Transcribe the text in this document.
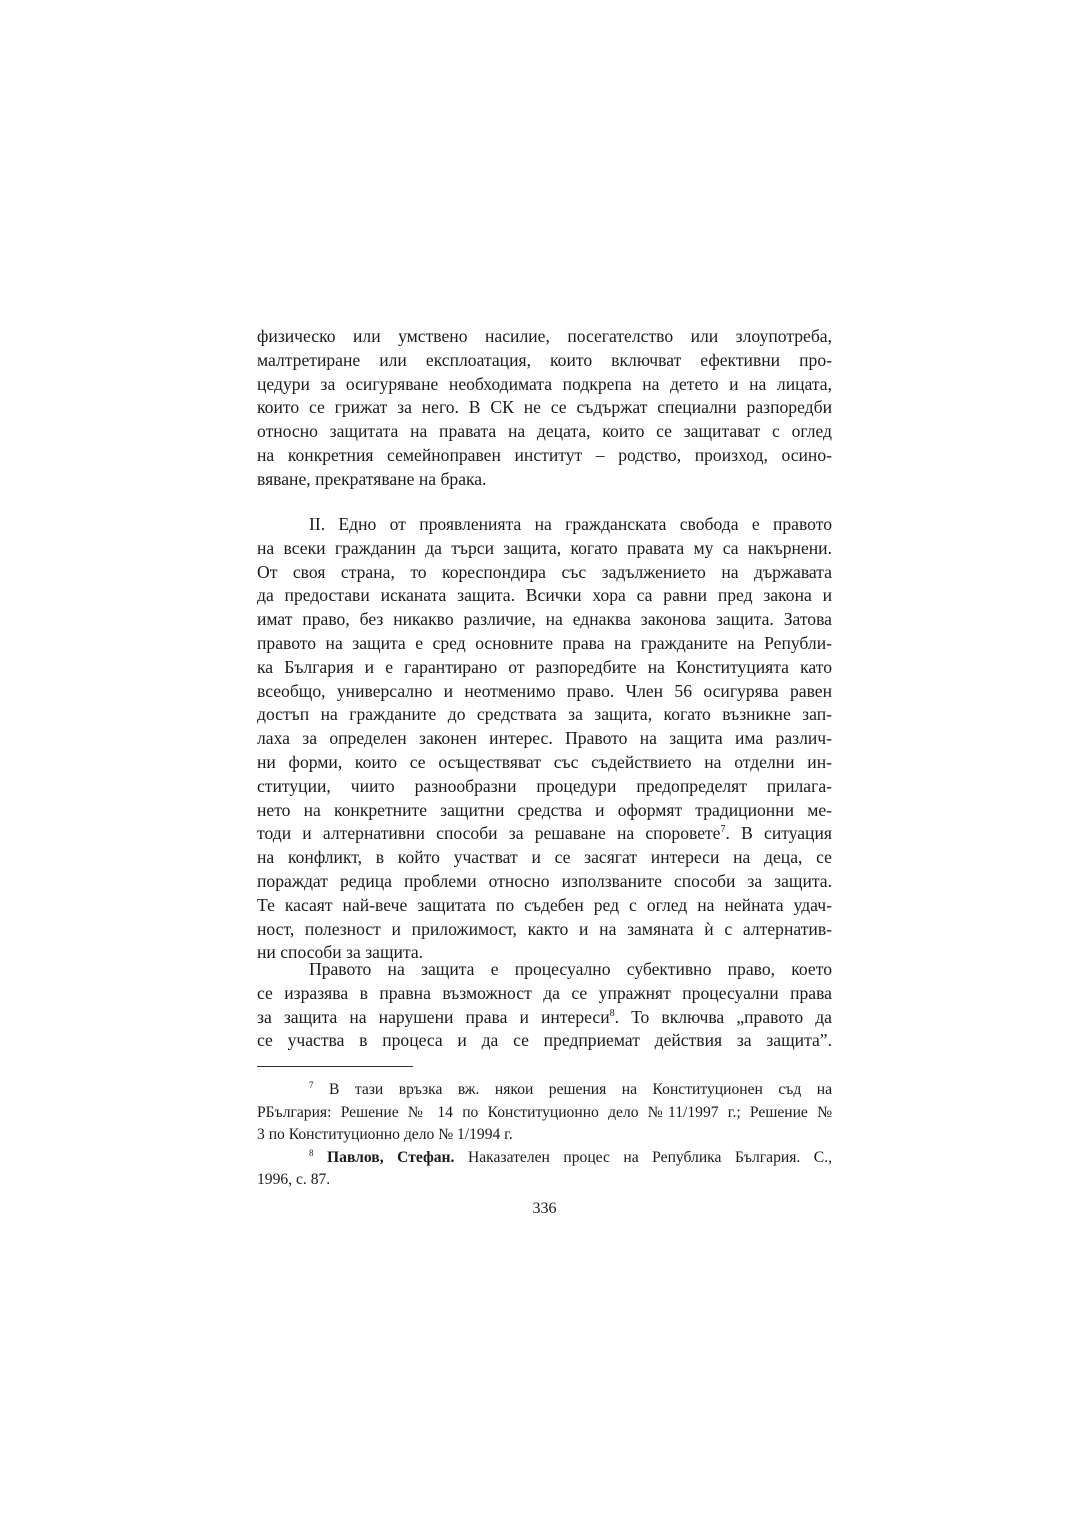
физическо или умствено насилие, посегателство или злоупотреба,
малтретиране или експлоатация, които включват ефективни про-
цедури за осигуряване необходимата подкрепа на детето и на лицата,
които се грижат за него. В СК не се съдържат специални разпоредби
относно защитата на правата на децата, които се защитават с оглед
на конкретния семейноправен институт – родство, произход, осино-
вяване, прекратяване на брака.
II. Едно от проявленията на гражданската свобода е правото
на всеки гражданин да търси защита, когато правата му са накърнени.
От своя страна, то кореспондира със задължението на държавата
да предостави исканата защита. Всички хора са равни пред закона и
имат право, без никакво различие, на еднаква законова защита. Затова
правото на защита е сред основните права на гражданите на Републи-
ка България и е гарантирано от разпоредбите на Конституцията като
всеобщо, универсално и неотменимо право. Член 56 осигурява равен
достъп на гражданите до средствата за защита, когато възникне зап-
лаха за определен законен интерес. Правото на защита има различ-
ни форми, които се осъществяват със съдействието на отделни ин-
ституции, чиито разнообразни процедури предопределят прилага-
нето на конкретните защитни средства и оформят традиционни ме-
тоди и алтернативни способи за решаване на споровете$^7$. В ситуация
на конфликт, в който участват и се засягат интереси на деца, се
пораждат редица проблеми относно използваните способи за защита.
Те касаят най-вече защитата по съдебен ред с оглед на нейната удач-
ност, полезност и приложимост, както и на замяната ѝ с алтернатив-
ни способи за защита.
Правото на защита е процесуално субективно право, което
се изразява в правна възможност да се упражнят процесуални права
за защита на нарушени права и интереси$^8$. То включва „правото да
се участва в процеса и да се предприемат действия за защита”.
$^7$ В тази връзка вж. някои решения на Конституционен съд на
РБългария: Решение № 14 по Конституционно дело №11/1997 г.; Решение №
3 по Конституционно дело № 1/1994 г.
$^8$ Павлов, Стефан. Наказателен процес на Република България. С.,
1996, с. 87.
336
